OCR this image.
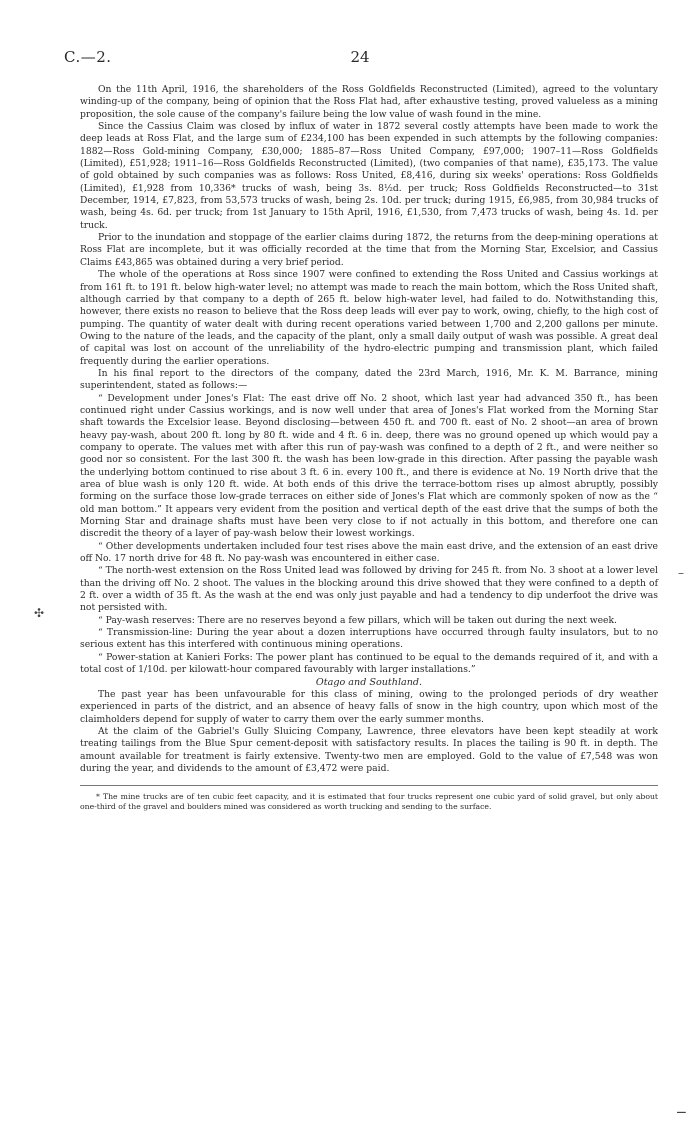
C.—2.	24

On the 11th April, 1916, the shareholders of the Ross Goldfields Reconstructed (Limited), agreed to the voluntary winding-up of the company, being of opinion that the Ross Flat had, after exhaustive testing, proved valueless as a mining proposition, the sole cause of the company's failure being the low value of wash found in the mine.

Since the Cassius Claim was closed by influx of water in 1872 several costly attempts have been made to work the deep leads at Ross Flat, and the large sum of £234,100 has been expended in such attempts by the following companies: 1882—Ross Gold-mining Company, £30,000; 1885–87—Ross United Company, £97,000; 1907–11—Ross Goldfields (Limited), £51,928; 1911–16—Ross Goldfields Reconstructed (Limited), (two companies of that name), £35,173. The value of gold obtained by such companies was as follows: Ross United, £8,416, during six weeks' operations: Ross Goldfields (Limited), £1,928 from 10,336* trucks of wash, being 3s. 8½d. per truck; Ross Goldfields Reconstructed—to 31st December, 1914, £7,823, from 53,573 trucks of wash, being 2s. 10d. per truck; during 1915, £6,985, from 30,984 trucks of wash, being 4s. 6d. per truck; from 1st January to 15th April, 1916, £1,530, from 7,473 trucks of wash, being 4s. 1d. per truck.

Prior to the inundation and stoppage of the earlier claims during 1872, the returns from the deep-mining operations at Ross Flat are incomplete, but it was officially recorded at the time that from the Morning Star, Excelsior, and Cassius Claims £43,865 was obtained during a very brief period.

The whole of the operations at Ross since 1907 were confined to extending the Ross United and Cassius workings at from 161 ft. to 191 ft. below high-water level; no attempt was made to reach the main bottom, which the Ross United shaft, although carried by that company to a depth of 265 ft. below high-water level, had failed to do. Notwithstanding this, however, there exists no reason to believe that the Ross deep leads will ever pay to work, owing, chiefly, to the high cost of pumping. The quantity of water dealt with during recent operations varied between 1,700 and 2,200 gallons per minute. Owing to the nature of the leads, and the capacity of the plant, only a small daily output of wash was possible. A great deal of capital was lost on account of the unreliability of the hydro-electric pumping and transmission plant, which failed frequently during the earlier operations.

In his final report to the directors of the company, dated the 23rd March, 1916, Mr. K. M. Barrance, mining superintendent, stated as follows:—

“ Development under Jones's Flat: The east drive off No. 2 shoot, which last year had advanced 350 ft., has been continued right under Cassius workings, and is now well under that area of Jones's Flat worked from the Morning Star shaft towards the Excelsior lease. Beyond disclosing—between 450 ft. and 700 ft. east of No. 2 shoot—an area of brown heavy pay-wash, about 200 ft. long by 80 ft. wide and 4 ft. 6 in. deep, there was no ground opened up which would pay a company to operate. The values met with after this run of pay-wash was confined to a depth of 2 ft., and were neither so good nor so consistent. For the last 300 ft. the wash has been low-grade in this direction. After passing the payable wash the underlying bottom continued to rise about 3 ft. 6 in. every 100 ft., and there is evidence at No. 19 North drive that the area of blue wash is only 120 ft. wide. At both ends of this drive the terrace-bottom rises up almost abruptly, possibly forming on the surface those low-grade terraces on either side of Jones's Flat which are commonly spoken of now as the “ old man bottom.” It appears very evident from the position and vertical depth of the east drive that the sumps of both the Morning Star and drainage shafts must have been very close to if not actually in this bottom, and therefore one can discredit the theory of a layer of pay-wash below their lowest workings.

“ Other developments undertaken included four test rises above the main east drive, and the extension of an east drive off No. 17 north drive for 48 ft. No pay-wash was encountered in either case.

“ The north-west extension on the Ross United lead was followed by driving for 245 ft. from No. 3 shoot at a lower level than the driving off No. 2 shoot. The values in the blocking around this drive showed that they were confined to a depth of 2 ft. over a width of 35 ft. As the wash at the end was only just payable and had a tendency to dip underfoot the drive was not persisted with.

“ Pay-wash reserves: There are no reserves beyond a few pillars, which will be taken out during the next week.

“ Transmission-line: During the year about a dozen interruptions have occurred through faulty insulators, but to no serious extent has this interfered with continuous mining operations.

“ Power-station at Kanieri Forks: The power plant has continued to be equal to the demands required of it, and with a total cost of 1/10d. per kilowatt-hour compared favourably with larger installations.”

Otago and Southland.

The past year has been unfavourable for this class of mining, owing to the prolonged periods of dry weather experienced in parts of the district, and an absence of heavy falls of snow in the high country, upon which most of the claimholders depend for supply of water to carry them over the early summer months.

At the claim of the Gabriel's Gully Sluicing Company, Lawrence, three elevators have been kept steadily at work treating tailings from the Blue Spur cement-deposit with satisfactory results. In places the tailing is 90 ft. in depth. The amount available for treatment is fairly extensive. Twenty-two men are employed. Gold to the value of £7,548 was won during the year, and dividends to the amount of £3,472 were paid.

* The mine trucks are of ten cubic feet capacity, and it is estimated that four trucks represent one cubic yard of solid gravel, but only about one-third of the gravel and boulders mined was considered as worth trucking and sending to the surface.

✣
–
⚊
